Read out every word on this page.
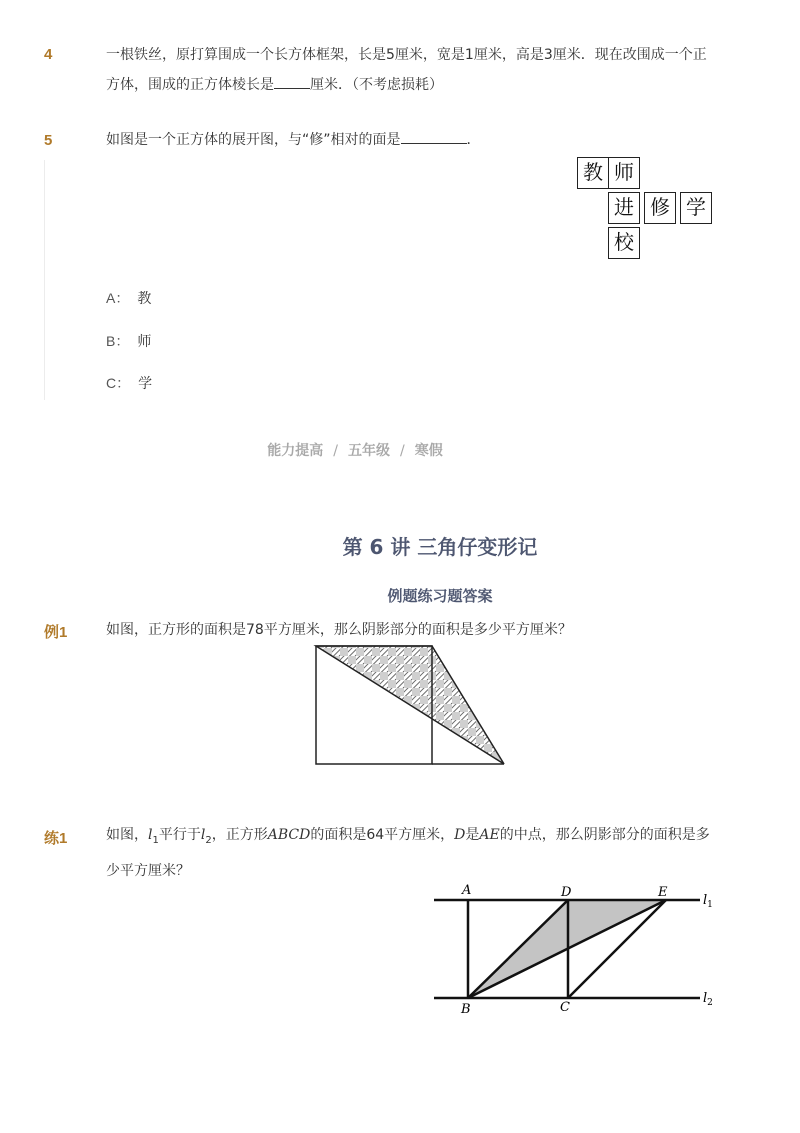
4	一根铁丝，原打算围成一个长方体框架，长是5厘米，宽是1厘米，高是3厘米．现在改围成一个正
方体，围成的正方体棱长是	厘米．（不考虑损耗）
5	如图是一个正方体的展开图，与“修”相对的面是	．
教 师
进 修 学
校
A： 教
B： 师
C： 学
能力提高 / 五年级 / 寒假
第 6 讲 三角仔变形记
例题练习题答案
例1	如图，正方形的面积是78平方厘米，那么阴影部分的面积是多少平方厘米？
练1	如图，$l_1$平行于$l_2$，正方形ABCD的面积是64平方厘米，D是AE的中点，那么阴影部分的面积是多
少平方厘米？
A	D	E
B	C
$l_1$
$l_2$
